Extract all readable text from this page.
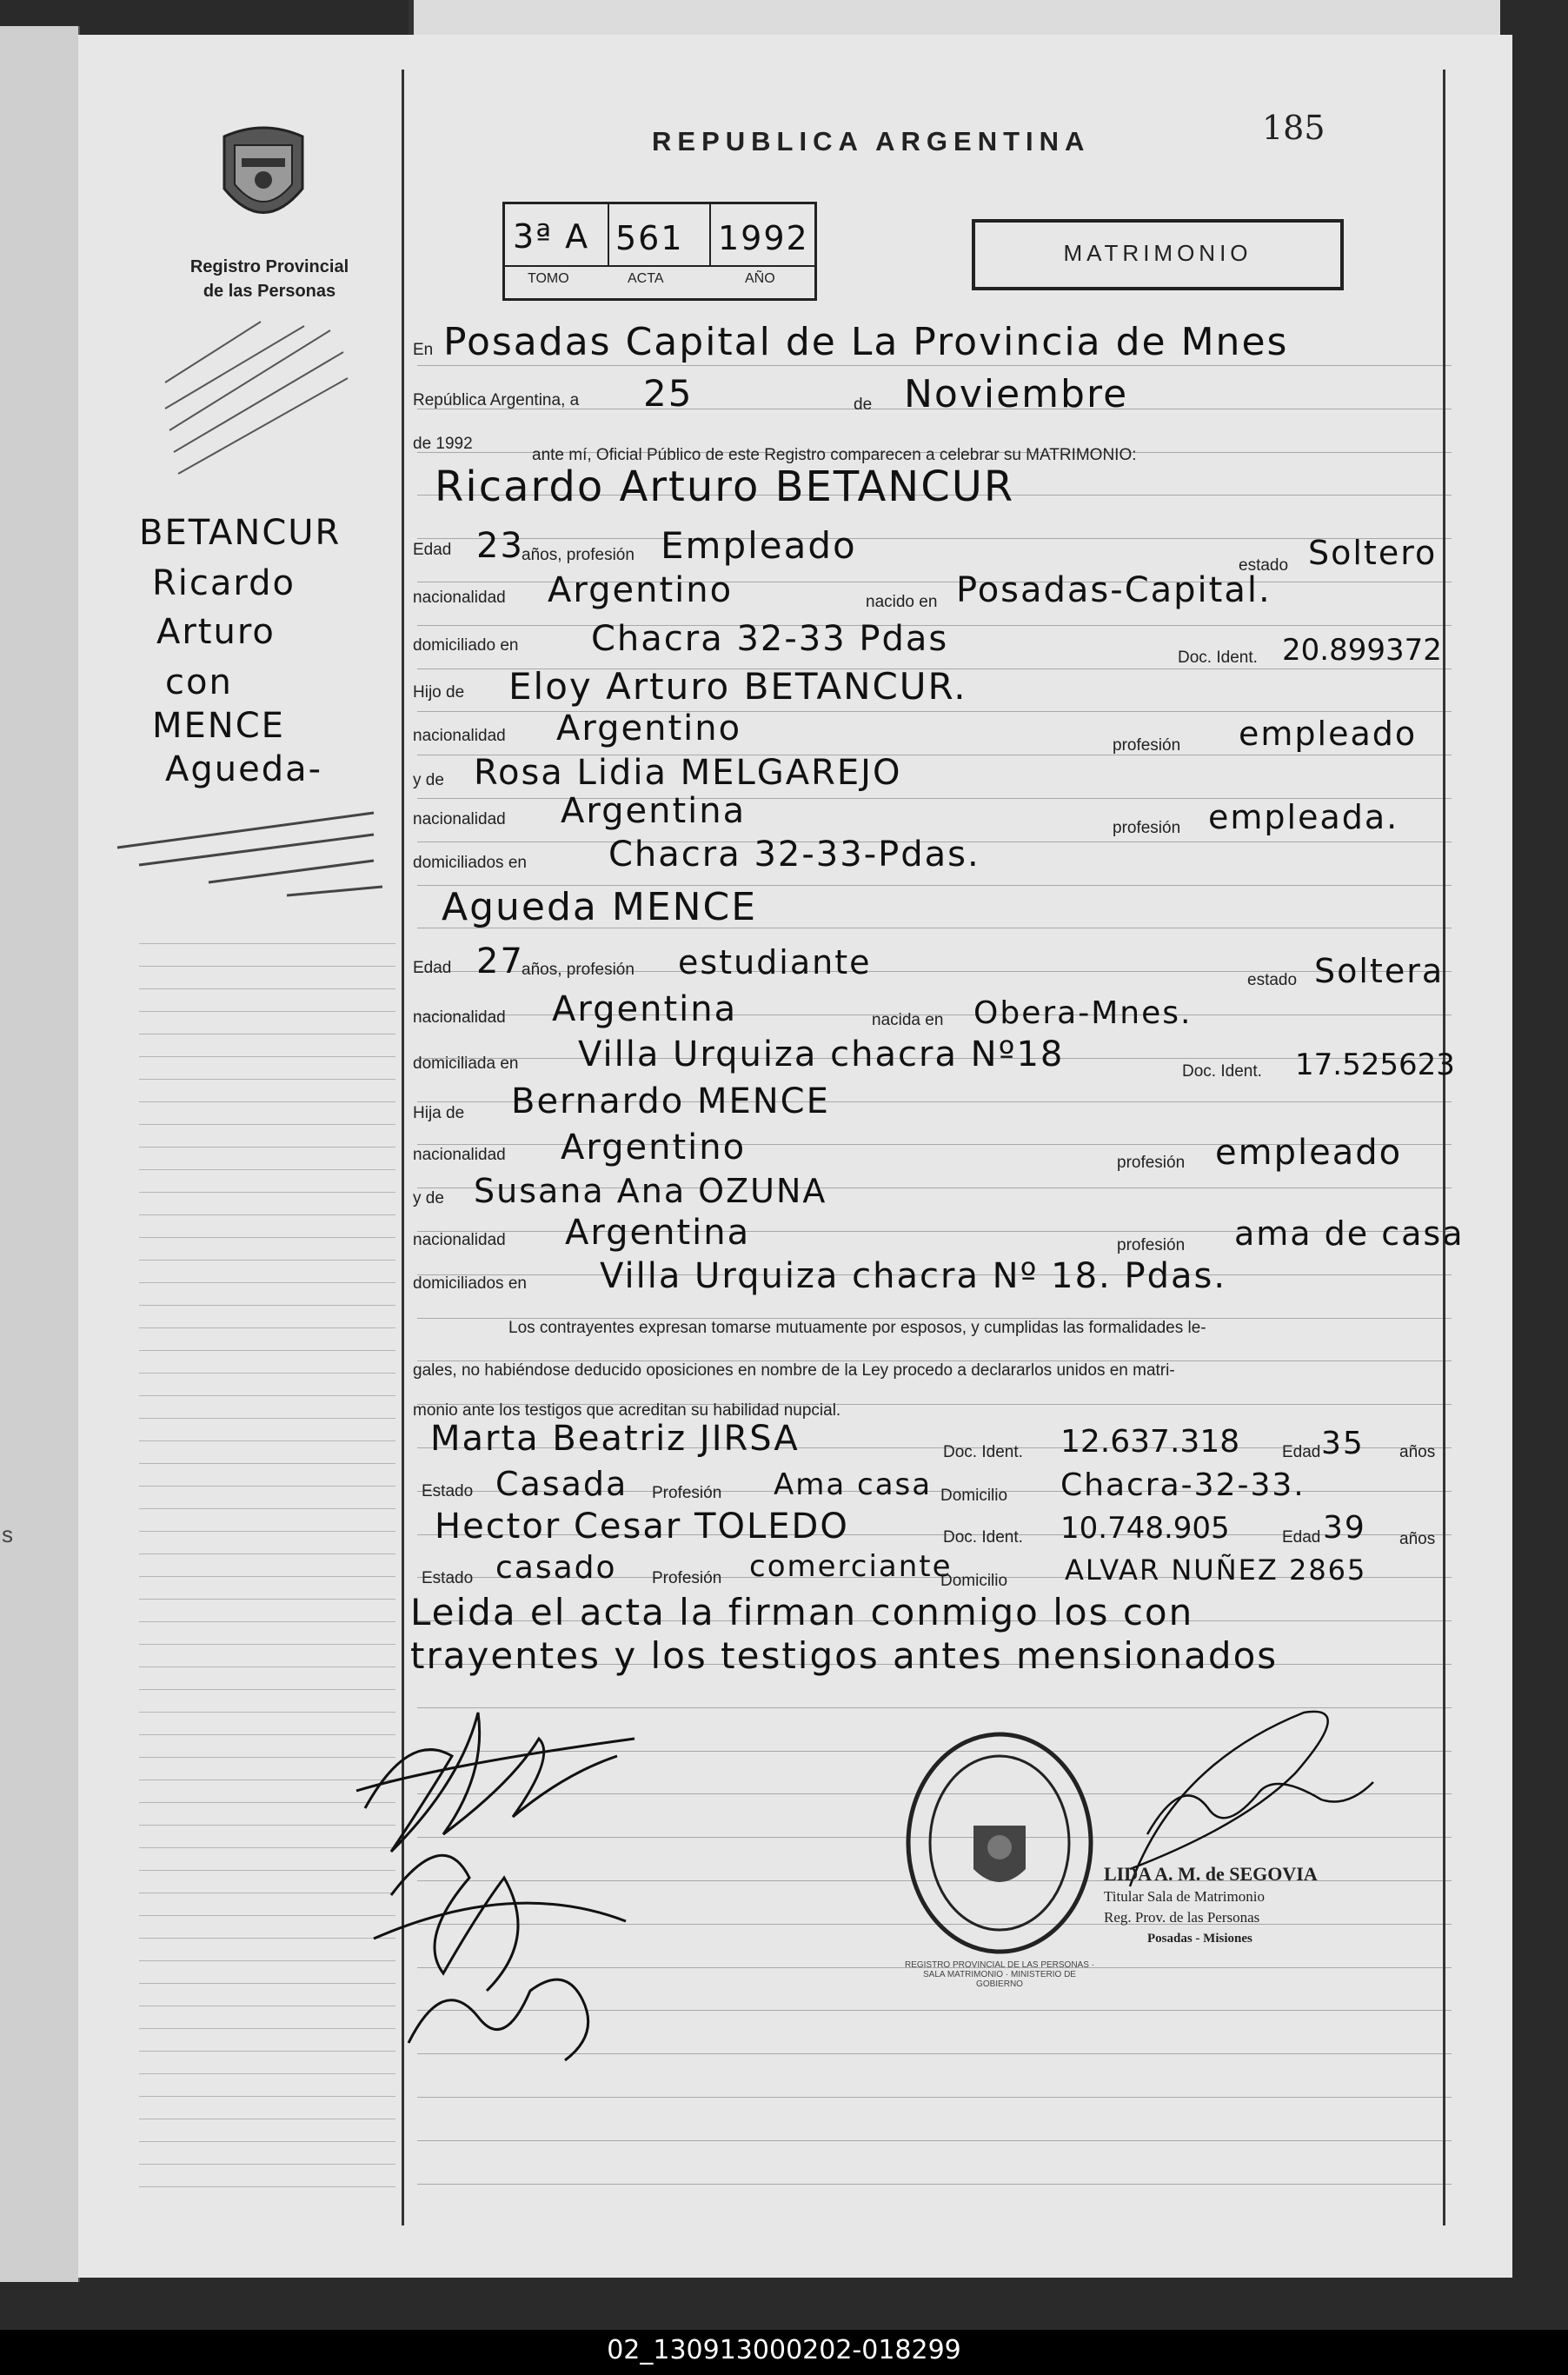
s
Registro Provincial
de las Personas
REPUBLICA ARGENTINA	185
3ª A 561 1992
TOMO	ACTA	AÑO
MATRIMONIO
BETANCUR
Ricardo
Arturo
con
MENCE
Agueda-
En Posadas Capital de La Provincia de Mnes
República Argentina, a 25	de Noviembre
de 1992
ante mí, Oficial Público de este Registro comparecen a celebrar su MATRIMONIO:
Ricardo Arturo BETANCUR
Edad 23
años, profesión Empleado	estado Soltero
nacionalidad Argentino	nacido en Posadas-Capital.
domiciliado en Chacra 32-33 Pdas	Doc. Ident. 20.899372
Hijo de Eloy Arturo BETANCUR.
nacionalidad Argentino	profesión empleado
y de Rosa Lidia MELGAREJO
nacionalidad Argentina	profesión empleada.
domiciliados en Chacra 32-33-Pdas.
Agueda MENCE
Edad 27
años, profesión estudiante	estado Soltera
nacionalidad Argentina	nacida en Obera-Mnes.
domiciliada en Villa Urquiza chacra Nº18	Doc. Ident. 17.525623
Hija de Bernardo MENCE
nacionalidad Argentino	profesión empleado
y de Susana Ana OZUNA
nacionalidad Argentina	profesión ama de casa
domiciliados en Villa Urquiza chacra Nº 18. Pdas.
Los contrayentes expresan tomarse mutuamente por esposos, y cumplidas las formalidades le-
gales, no habiéndose deducido oposiciones en nombre de la Ley procedo a declararlos unidos en matri-
monio ante los testigos que acreditan su habilidad nupcial.
Marta Beatriz JIRSA	Doc. Ident. 12.637.318	Edad 35 años
Estado Casada Profesión Ama casa Domicilio Chacra-32-33.
Hector Cesar TOLEDO	Doc. Ident. 10.748.905	Edad 39 años
Estado casado Profesión comerciante
Domicilio ALVAR NUÑEZ 2865
Leida el acta la firman conmigo los con
trayentes y los testigos antes mensionados
REGISTRO PROVINCIAL DE LAS PERSONAS · SALA MATRIMONIO · MINISTERIO DE GOBIERNO
LIDA A. M. de SEGOVIA
Titular Sala de Matrimonio
Reg. Prov. de las Personas
Posadas - Misiones
02_130913000202-018299
